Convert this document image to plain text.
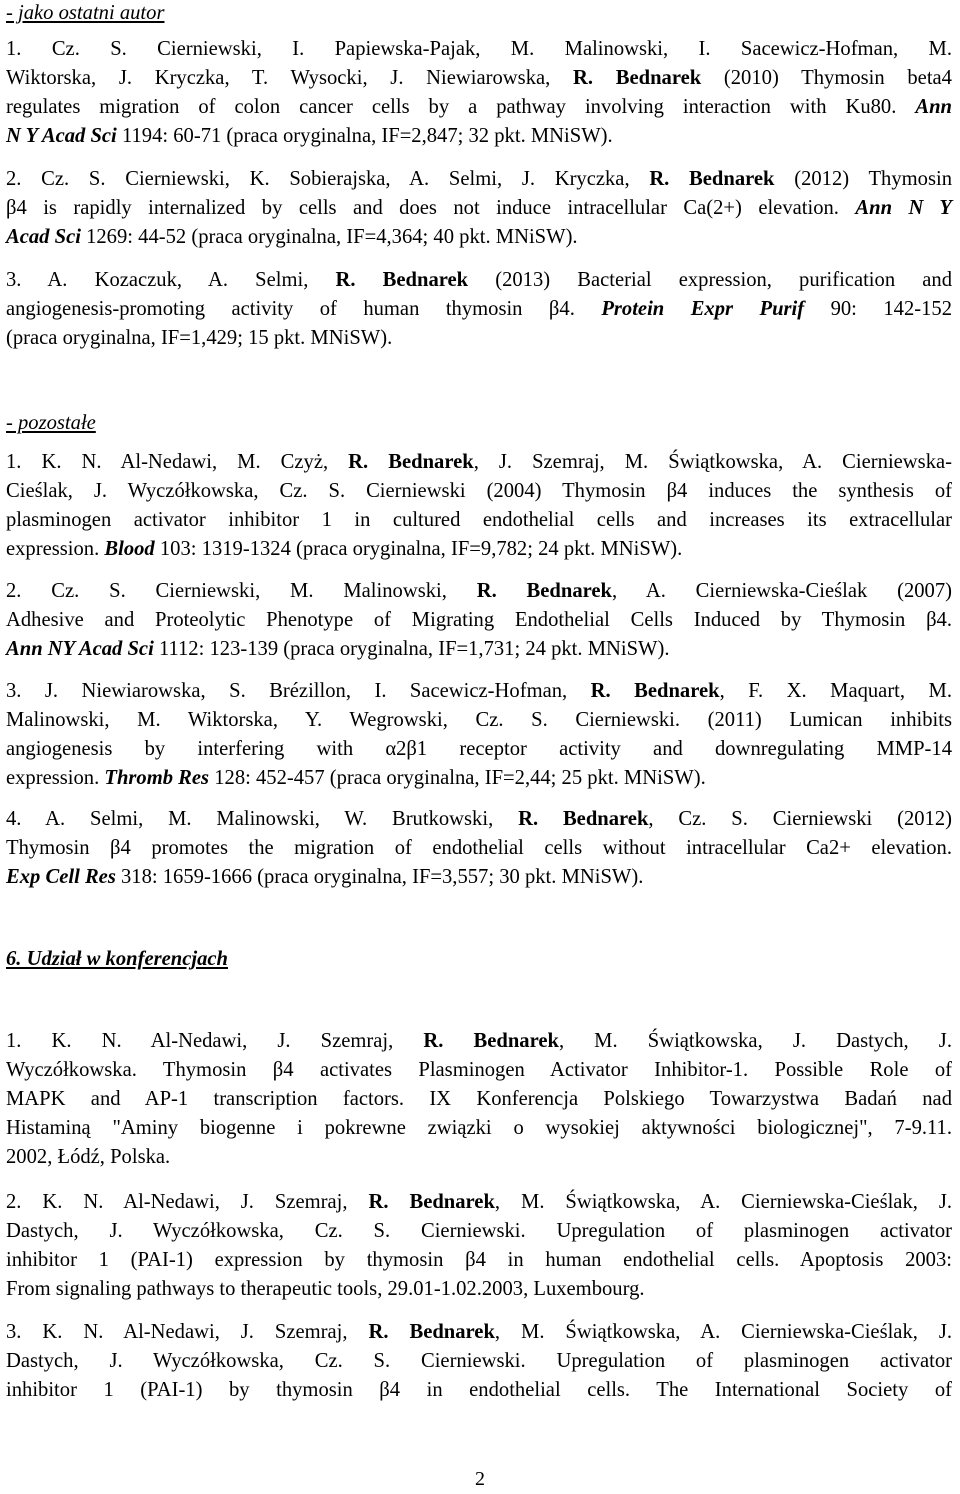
- jako ostatni autor

1. Cz. S. Cierniewski, I. Papiewska-Pajak, M. Malinowski, I. Sacewicz-Hofman, M.
Wiktorska, J. Kryczka, T. Wysocki, J. Niewiarowska, R. Bednarek (2010) Thymosin beta4
regulates migration of colon cancer cells by a pathway involving interaction with Ku80. Ann
N Y Acad Sci 1194: 60-71 (praca oryginalna, IF=2,847; 32 pkt. MNiSW).

2. Cz. S. Cierniewski, K. Sobierajska, A. Selmi, J. Kryczka, R. Bednarek (2012) Thymosin
β4 is rapidly internalized by cells and does not induce intracellular Ca(2+) elevation. Ann N Y
Acad Sci 1269: 44-52 (praca oryginalna, IF=4,364; 40 pkt. MNiSW).

3. A. Kozaczuk, A. Selmi, R. Bednarek (2013) Bacterial expression, purification and
angiogenesis-promoting activity of human thymosin β4. Protein Expr Purif 90: 142-152
(praca oryginalna, IF=1,429; 15 pkt. MNiSW).

- pozostałe

1. K. N. Al-Nedawi, M. Czyż, R. Bednarek, J. Szemraj, M. Świątkowska, A. Cierniewska-
Cieślak, J. Wyczółkowska, Cz. S. Cierniewski (2004) Thymosin β4 induces the synthesis of
plasminogen activator inhibitor 1 in cultured endothelial cells and increases its extracellular
expression. Blood 103: 1319-1324 (praca oryginalna, IF=9,782; 24 pkt. MNiSW).

2. Cz. S. Cierniewski, M. Malinowski, R. Bednarek, A. Cierniewska-Cieślak (2007)
Adhesive and Proteolytic Phenotype of Migrating Endothelial Cells Induced by Thymosin β4.
Ann NY Acad Sci 1112: 123-139 (praca oryginalna, IF=1,731; 24 pkt. MNiSW).

3. J. Niewiarowska, S. Brézillon, I. Sacewicz-Hofman, R. Bednarek, F. X. Maquart, M.
Malinowski, M. Wiktorska, Y. Wegrowski, Cz. S. Cierniewski. (2011) Lumican inhibits
angiogenesis by interfering with α2β1 receptor activity and downregulating MMP-14
expression. Thromb Res 128: 452-457 (praca oryginalna, IF=2,44; 25 pkt. MNiSW).

4. A. Selmi, M. Malinowski, W. Brutkowski, R. Bednarek, Cz. S. Cierniewski (2012)
Thymosin β4 promotes the migration of endothelial cells without intracellular Ca2+ elevation.
Exp Cell Res 318: 1659-1666 (praca oryginalna, IF=3,557; 30 pkt. MNiSW).

6. Udział w konferencjach

1. K. N. Al-Nedawi, J. Szemraj, R. Bednarek, M. Świątkowska, J. Dastych, J.
Wyczółkowska. Thymosin β4 activates Plasminogen Activator Inhibitor-1. Possible Role of
MAPK and AP-1 transcription factors. IX Konferencja Polskiego Towarzystwa Badań nad
Histaminą "Aminy biogenne i pokrewne związki o wysokiej aktywności biologicznej", 7-9.11.
2002, Łódź, Polska.

2. K. N. Al-Nedawi, J. Szemraj, R. Bednarek, M. Świątkowska, A. Cierniewska-Cieślak, J.
Dastych, J. Wyczółkowska, Cz. S. Cierniewski. Upregulation of plasminogen activator
inhibitor 1 (PAI-1) expression by thymosin β4 in human endothelial cells. Apoptosis 2003:
From signaling pathways to therapeutic tools, 29.01-1.02.2003, Luxembourg.

3. K. N. Al-Nedawi, J. Szemraj, R. Bednarek, M. Świątkowska, A. Cierniewska-Cieślak, J.
Dastych, J. Wyczółkowska, Cz. S. Cierniewski. Upregulation of plasminogen activator
inhibitor 1 (PAI-1) by thymosin β4 in endothelial cells. The International Society of

2
